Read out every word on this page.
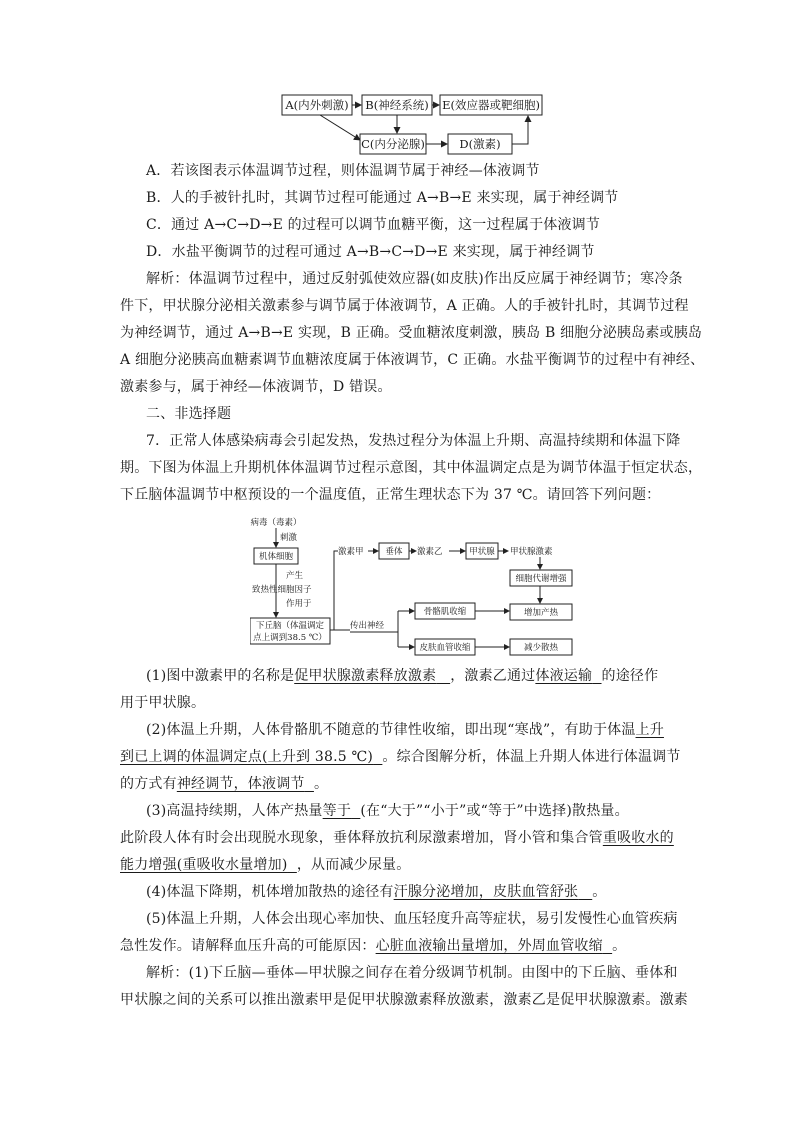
A(内外刺激) B(神经系统) E(效应器或靶细胞)
C(内分泌腺)	D(激素)
A．若该图表示体温调节过程，则体温调节属于神经—体液调节
B．人的手被针扎时，其调节过程可能通过 A→B→E 来实现，属于神经调节
C．通过 A→C→D→E 的过程可以调节血糖平衡，这一过程属于体液调节
D．水盐平衡调节的过程可通过 A→B→C→D→E 来实现，属于神经调节
解析：体温调节过程中，通过反射弧使效应器(如皮肤)作出反应属于神经调节；寒冷条
件下，甲状腺分泌相关激素参与调节属于体液调节，A 正确。人的手被针扎时，其调节过程
为神经调节，通过 A→B→E 实现，B 正确。受血糖浓度刺激，胰岛 B 细胞分泌胰岛素或胰岛
A 细胞分泌胰高血糖素调节血糖浓度属于体液调节，C 正确。水盐平衡调节的过程中有神经、
激素参与，属于神经—体液调节，D 错误。
二、非选择题
7．正常人体感染病毒会引起发热，发热过程分为体温上升期、高温持续期和体温下降
期。下图为体温上升期机体体温调节过程示意图，其中体温调定点是为调节体温于恒定状态，
下丘脑体温调节中枢预设的一个温度值，正常生理状态下为 37 ℃。请回答下列问题：
病毒（毒素）
刺激
机体细胞
产生
致热性细胞因子
作用于
下丘脑（体温调定
点上调到38.5 ℃）
激素甲	垂体 激素乙	甲状腺 甲状腺激素
细胞代谢增强
传出神经
骨骼肌收缩
皮肤血管收缩
增加产热
减少散热
(1)图中激素甲的名称是促甲状腺激素释放激素 ，激素乙通过体液运输 的途径作
用于甲状腺。
(2)体温上升期，人体骨骼肌不随意的节律性收缩，即出现“寒战”，有助于体温上升
到已上调的体温调定点(上升到 38.5 ℃) 。综合图解分析，体温上升期人体进行体温调节
的方式有神经调节，体液调节 。
(3)高温持续期，人体产热量等于 (在“大于”“小于”或“等于”中选择)散热量。
此阶段人体有时会出现脱水现象，垂体释放抗利尿激素增加，肾小管和集合管重吸收水的
能力增强(重吸收水量增加) ，从而减少尿量。
(4)体温下降期，机体增加散热的途径有汗腺分泌增加，皮肤血管舒张 。
(5)体温上升期，人体会出现心率加快、血压轻度升高等症状，易引发慢性心血管疾病
急性发作。请解释血压升高的可能原因：心脏血液输出量增加，外周血管收缩 。
解析：(1)下丘脑—垂体—甲状腺之间存在着分级调节机制。由图中的下丘脑、垂体和
甲状腺之间的关系可以推出激素甲是促甲状腺激素释放激素，激素乙是促甲状腺激素。激素
